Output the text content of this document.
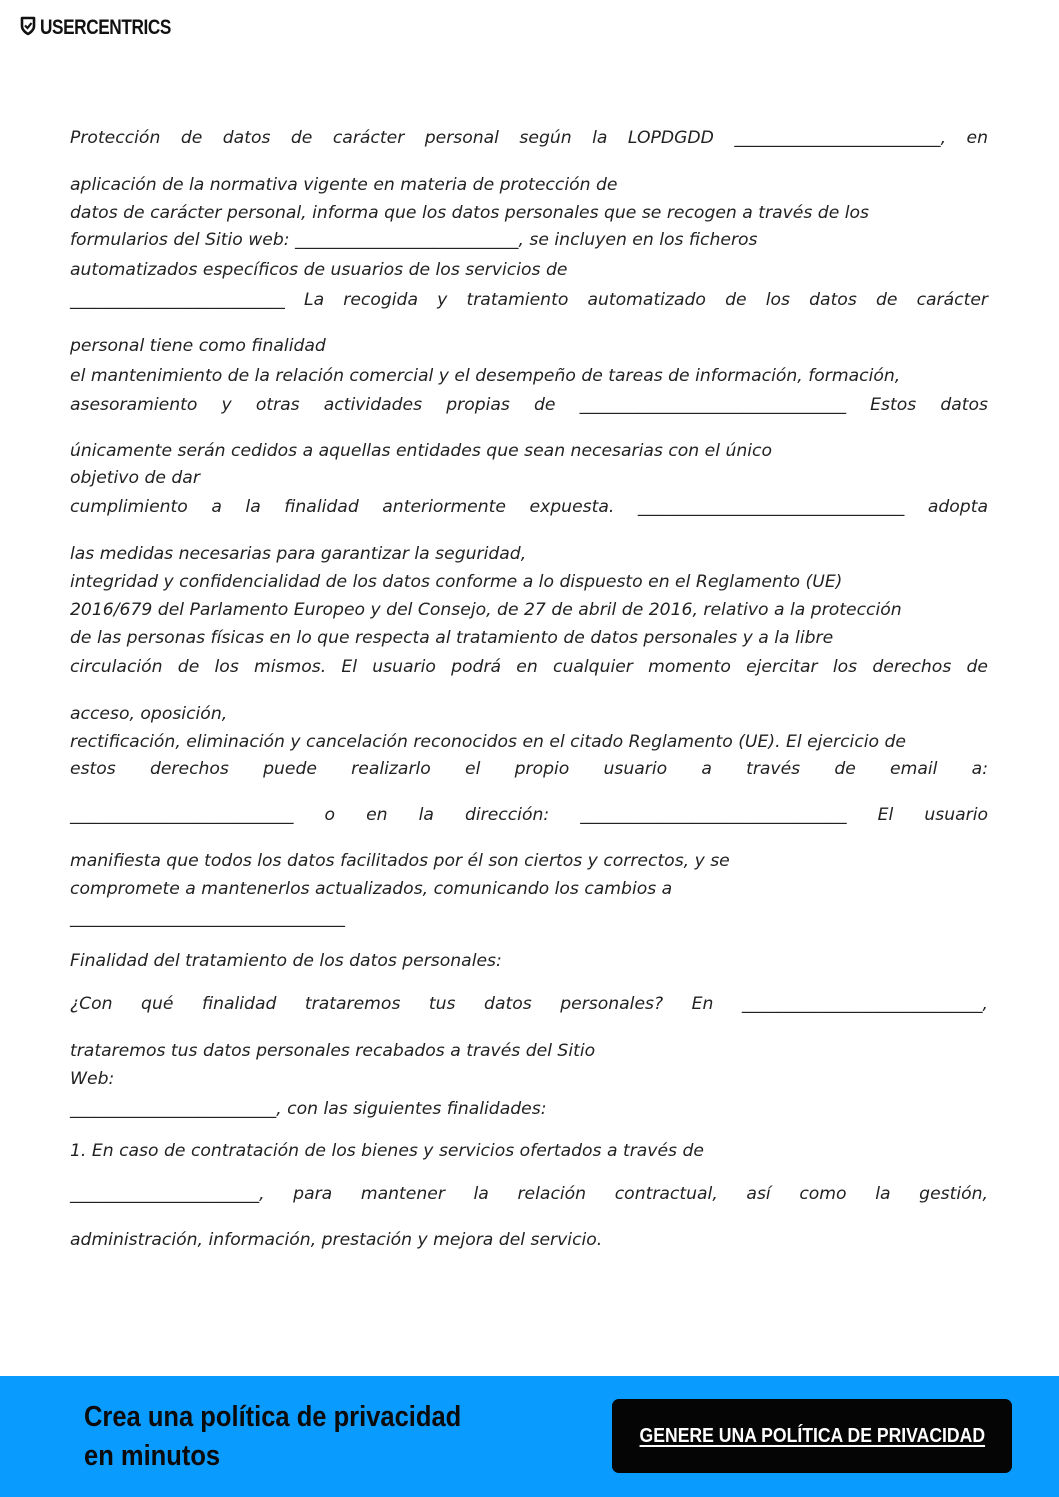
USERCENTRICS
Protección de datos de carácter personal según la LOPDGDD ________________________, en
aplicación de la normativa vigente en materia de protección de
datos de carácter personal, informa que los datos personales que se recogen a través de los
formularios del Sitio web: __________________________, se incluyen en los ficheros
automatizados específicos de usuarios de los servicios de
_________________________ La recogida y tratamiento automatizado de los datos de carácter
personal tiene como finalidad
el mantenimiento de la relación comercial y el desempeño de tareas de información, formación,
asesoramiento y otras actividades propias de _______________________________ Estos datos
únicamente serán cedidos a aquellas entidades que sean necesarias con el único
objetivo de dar
cumplimiento a la finalidad anteriormente expuesta. _______________________________ adopta
las medidas necesarias para garantizar la seguridad,
integridad y confidencialidad de los datos conforme a lo dispuesto en el Reglamento (UE)
2016/679 del Parlamento Europeo y del Consejo, de 27 de abril de 2016, relativo a la protección
de las personas físicas en lo que respecta al tratamiento de datos personales y a la libre
circulación de los mismos. El usuario podrá en cualquier momento ejercitar los derechos de
acceso, oposición,
rectificación, eliminación y cancelación reconocidos en el citado Reglamento (UE). El ejercicio de
estos derechos puede realizarlo el propio usuario a través de email a:
__________________________ o en la dirección: _______________________________ El usuario
manifiesta que todos los datos facilitados por él son ciertos y correctos, y se
compromete a mantenerlos actualizados, comunicando los cambios a
________________________________
Finalidad del tratamiento de los datos personales:
¿Con qué finalidad trataremos tus datos personales? En ____________________________,
trataremos tus datos personales recabados a través del Sitio
Web:
________________________, con las siguientes finalidades:
1. En caso de contratación de los bienes y servicios ofertados a través de
______________________, para mantener la relación contractual, así como la gestión,
administración, información, prestación y mejora del servicio.
Crea una política de privacidad en minutos
GENERE UNA POLÍTICA DE PRIVACIDAD
